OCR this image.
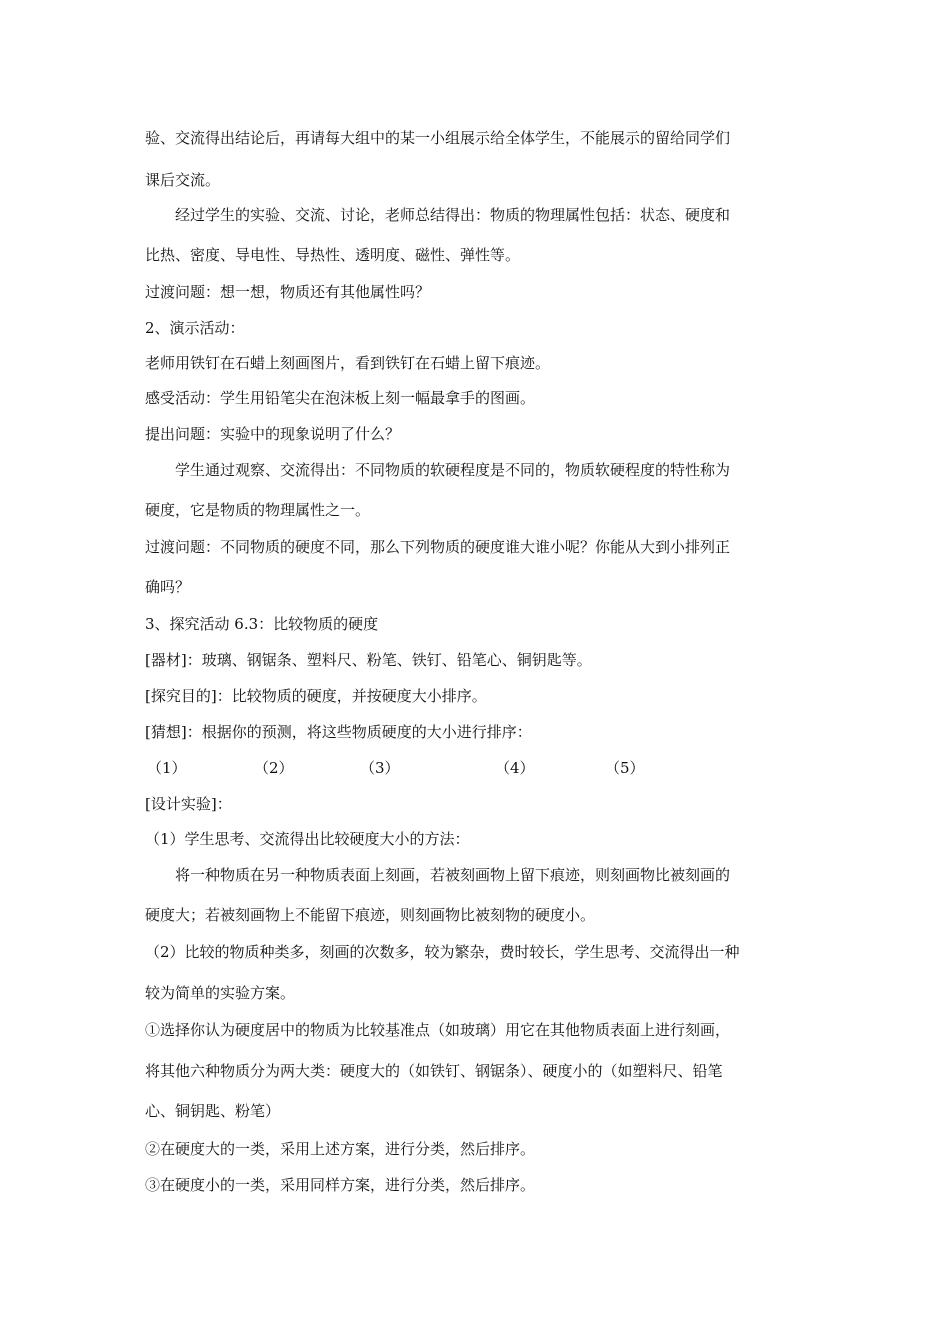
验、交流得出结论后，再请每大组中的某一小组展示给全体学生，不能展示的留给同学们
课后交流。
经过学生的实验、交流、讨论，老师总结得出：物质的物理属性包括：状态、硬度和
比热、密度、导电性、导热性、透明度、磁性、弹性等。
过渡问题：想一想，物质还有其他属性吗？
2、演示活动：
老师用铁钉在石蜡上刻画图片，看到铁钉在石蜡上留下痕迹。
感受活动：学生用铅笔尖在泡沫板上刻一幅最拿手的图画。
提出问题：实验中的现象说明了什么？
学生通过观察、交流得出：不同物质的软硬程度是不同的，物质软硬程度的特性称为
硬度，它是物质的物理属性之一。
过渡问题：不同物质的硬度不同，那么下列物质的硬度谁大谁小呢？你能从大到小排列正
确吗？
3、探究活动 6.3：比较物质的硬度
[器材]：玻璃、钢锯条、塑料尺、粉笔、铁钉、铅笔心、铜钥匙等。
[探究目的]：比较物质的硬度，并按硬度大小排序。
[猜想]：根据你的预测，将这些物质硬度的大小进行排序：
（1）	（2）	（3）	（4）	（5）
[设计实验]：
（1）学生思考、交流得出比较硬度大小的方法：
将一种物质在另一种物质表面上刻画，若被刻画物上留下痕迹，则刻画物比被刻画的
硬度大；若被刻画物上不能留下痕迹，则刻画物比被刻物的硬度小。
（2）比较的物质种类多，刻画的次数多，较为繁杂，费时较长，学生思考、交流得出一种
较为简单的实验方案。
①选择你认为硬度居中的物质为比较基准点（如玻璃）用它在其他物质表面上进行刻画，
将其他六种物质分为两大类：硬度大的（如铁钉、钢锯条）、硬度小的（如塑料尺、铅笔
心、铜钥匙、粉笔）
②在硬度大的一类，采用上述方案，进行分类，然后排序。
③在硬度小的一类，采用同样方案，进行分类，然后排序。
